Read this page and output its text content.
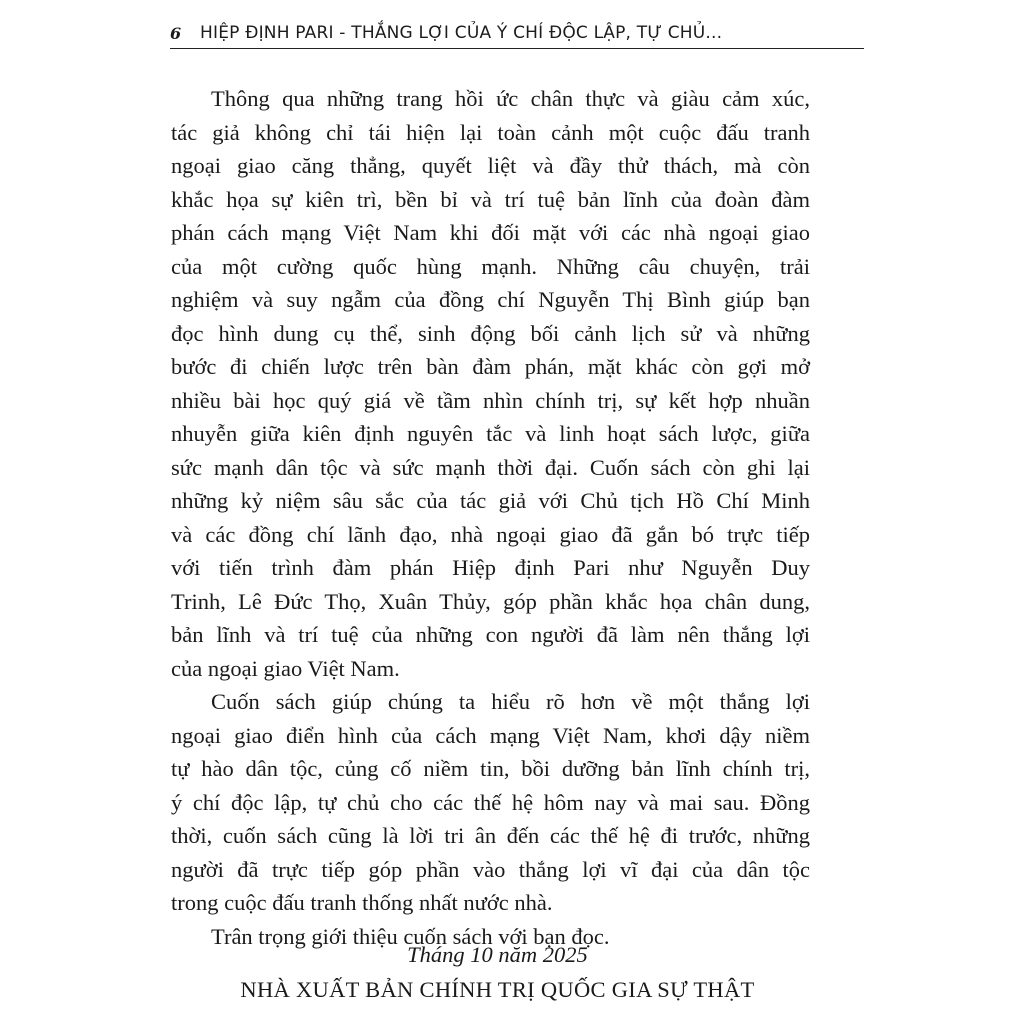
6 HIỆP ĐỊNH PARI - THẮNG LỢI CỦA Ý CHÍ ĐỘC LẬP, TỰ CHỦ...
Thông qua những trang hồi ức chân thực và giàu cảm xúc,
tác giả không chỉ tái hiện lại toàn cảnh một cuộc đấu tranh
ngoại giao căng thẳng, quyết liệt và đầy thử thách, mà còn
khắc họa sự kiên trì, bền bỉ và trí tuệ bản lĩnh của đoàn đàm
phán cách mạng Việt Nam khi đối mặt với các nhà ngoại giao
của một cường quốc hùng mạnh. Những câu chuyện, trải
nghiệm và suy ngẫm của đồng chí Nguyễn Thị Bình giúp bạn
đọc hình dung cụ thể, sinh động bối cảnh lịch sử và những
bước đi chiến lược trên bàn đàm phán, mặt khác còn gợi mở
nhiều bài học quý giá về tầm nhìn chính trị, sự kết hợp nhuần
nhuyễn giữa kiên định nguyên tắc và linh hoạt sách lược, giữa
sức mạnh dân tộc và sức mạnh thời đại. Cuốn sách còn ghi lại
những kỷ niệm sâu sắc của tác giả với Chủ tịch Hồ Chí Minh
và các đồng chí lãnh đạo, nhà ngoại giao đã gắn bó trực tiếp
với tiến trình đàm phán Hiệp định Pari như Nguyễn Duy
Trinh, Lê Đức Thọ, Xuân Thủy, góp phần khắc họa chân dung,
bản lĩnh và trí tuệ của những con người đã làm nên thắng lợi
của ngoại giao Việt Nam.
Cuốn sách giúp chúng ta hiểu rõ hơn về một thắng lợi
ngoại giao điển hình của cách mạng Việt Nam, khơi dậy niềm
tự hào dân tộc, củng cố niềm tin, bồi dưỡng bản lĩnh chính trị,
ý chí độc lập, tự chủ cho các thế hệ hôm nay và mai sau. Đồng
thời, cuốn sách cũng là lời tri ân đến các thế hệ đi trước, những
người đã trực tiếp góp phần vào thắng lợi vĩ đại của dân tộc
trong cuộc đấu tranh thống nhất nước nhà.
Trân trọng giới thiệu cuốn sách với bạn đọc.
Tháng 10 năm 2025
NHÀ XUẤT BẢN CHÍNH TRỊ QUỐC GIA SỰ THẬT
